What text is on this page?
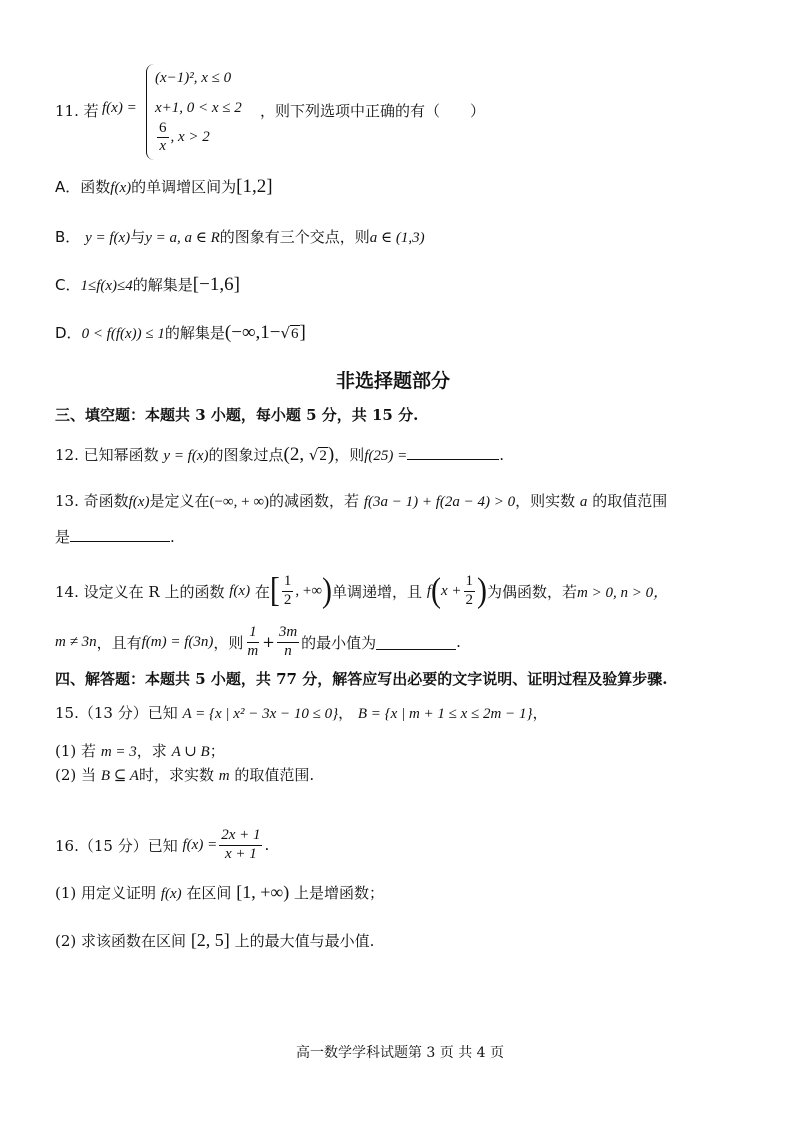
11. 若 f(x) =
(x−1)², x ≤ 0
x+1, 0 < x ≤ 2
$\frac{6}{x}$ , x > 2
，则下列选项中正确的有（　　）
A．函数f(x)的单调增区间为[1,2]
B． y = f(x)与y = a, a ∈ R的图象有三个交点，则a ∈ (1,3)
C．1≤f(x)≤4的解集是[−1,6]
D．0 < f(f(x)) ≤ 1的解集是(−∞,1−√6]
非选择题部分
三、填空题：本题共 3 小题，每小题 5 分，共 15 分.
12. 已知幂函数 y = f(x)的图象过点(2, √2)，则f(25) =	.
13. 奇函数f(x)是定义在(−∞, + ∞)的减函数，若 f(3a − 1) + f(2a − 4) > 0，则实数 a 的取值范围
是	.
14. 设定义在 R 上的函数
f(x)
在 [ $\frac{1}{2}$ , +∞ ) 单调递增，且
f ( $x + \frac{1}{2}$ ) 为偶函数，若 m > 0, n > 0，
m ≠ 3n ，且有 f(m) = f(3n) ，则 $\frac{1}{m} + \frac{3m}{n}$ 的最小值为	.
四、解答题：本题共 5 小题，共 77 分，解答应写出必要的文字说明、证明过程及验算步骤.
15.（13 分）已知 A = {x | x² − 3x − 10 ≤ 0}， B = {x | m + 1 ≤ x ≤ 2m − 1}，
(1) 若 m = 3，求 A ∪ B；
(2) 当 B ⊆ A时，求实数 m 的取值范围.
16.（15 分）已知
$f(x) = \frac{2x + 1}{x + 1}$ .
(1) 用定义证明 f(x) 在区间 [1, +∞) 上是增函数；
(2) 求该函数在区间 [2, 5] 上的最大值与最小值.
高一数学学科试题第 3 页 共 4 页
